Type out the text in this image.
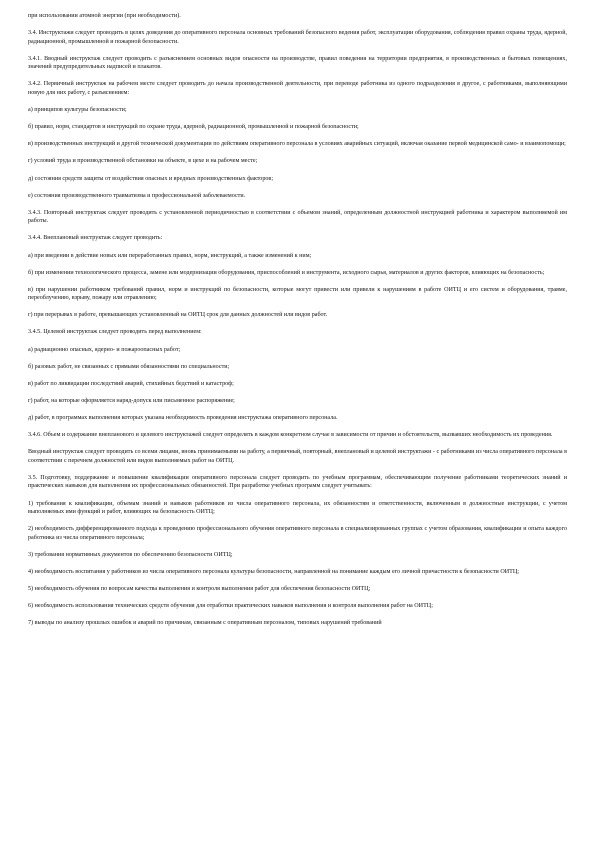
при использовании атомной энергии (при необходимости).

3.4. Инструктажи следует проводить в целях доведения до оперативного персонала основных требований безопасного ведения работ, эксплуатации оборудования, соблюдения правил охраны труда, ядерной, радиационной, промышленной и пожарной безопасности.

3.4.1. Вводный инструктаж следует проводить с разъяснением основных видов опасности на производстве, правил поведения на территории предприятия, в производственных и бытовых помещениях, значений предупредительных надписей и плакатов.

3.4.2. Первичный инструктаж на рабочем месте следует проводить до начала производственной деятельности, при переводе работника из одного подразделения в другое, с работниками, выполняющими новую для них работу, с разъяснением:

а) принципов культуры безопасности;

б) правил, норм, стандартов и инструкций по охране труда, ядерной, радиационной, промышленной и пожарной безопасности;

в) производственных инструкций и другой технической документации по действиям оперативного персонала в условиях аварийных ситуаций, включая оказание первой медицинской само- и взаимопомощи;

г) условий труда и производственной обстановки на объекте, в цехе и на рабочем месте;

д) состояния средств защиты от воздействия опасных и вредных производственных факторов;

е) состояния производственного травматизма и профессиональной заболеваемости.

3.4.3. Повторный инструктаж следует проводить с установленной периодичностью в соответствии с объемом знаний, определенным должностной инструкцией работника и характером выполняемой им работы.

3.4.4. Внеплановый инструктаж следует проводить:

а) при введении в действие новых или переработанных правил, норм, инструкций, а также изменений к ним;

б) при изменении технологического процесса, замене или модернизации оборудования, приспособлений и инструмента, исходного сырья, материалов и других факторов, влияющих на безопасность;

в) при нарушении работником требований правил, норм и инструкций по безопасности, которые могут привести или привели к нарушениям в работе ОИТЦ и его систем и оборудования, травме, переоблучению, взрыву, пожару или отравлению;

г) при перерывах в работе, превышающих установленный на ОИТЦ срок для данных должностей или видов работ.

3.4.5. Целевой инструктаж следует проводить перед выполнением:

а) радиационно опасных, ядерно- и пожароопасных работ;

б) разовых работ, не связанных с прямыми обязанностями по специальности;

в) работ по ликвидации последствий аварий, стихийных бедствий и катастроф;

г) работ, на которые оформляется наряд-допуск или письменное распоряжение;

д) работ, в программах выполнения которых указана необходимость проведения инструктажа оперативного персонала.

3.4.6. Объем и содержание внепланового и целевого инструктажей следует определять в каждом конкретном случае в зависимости от причин и обстоятельств, вызвавших необходимость их проведения.

Вводный инструктаж следует проводить со всеми лицами, вновь принимаемыми на работу, а первичный, повторный, внеплановый и целевой инструктажи - с работниками из числа оперативного персонала в соответствии с перечнем должностей или видов выполняемых работ на ОИТЦ.

3.5. Подготовку, поддержание и повышение квалификации оперативного персонала следует проводить по учебным программам, обеспечивающим получение работниками теоретических знаний и практических навыков для выполнения их профессиональных обязанностей. При разработке учебных программ следует учитывать:

1) требования к квалификации, объемам знаний и навыков работников из числа оперативного персонала, их обязанностям и ответственности, включенным в должностные инструкции, с учетом выполняемых ими функций и работ, влияющих на безопасность ОИТЦ;

2) необходимость дифференцированного подхода к проведению профессионального обучения оперативного персонала в специализированных группах с учетом образования, квалификации и опыта каждого работника из числа оперативного персонала;

3) требования нормативных документов по обеспечению безопасности ОИТЦ;

4) необходимость воспитания у работников из числа оперативного персонала культуры безопасности, направленной на понимание каждым его личной причастности к безопасности ОИТЦ;

5) необходимость обучения по вопросам качества выполнения и контроля выполнения работ для обеспечения безопасности ОИТЦ;

6) необходимость использования технических средств обучения для отработки практических навыков выполнения и контроля выполнения работ на ОИТЦ;

7) выводы по анализу прошлых ошибок и аварий по причинам, связанным с оперативным персоналом, типовых нарушений требований
